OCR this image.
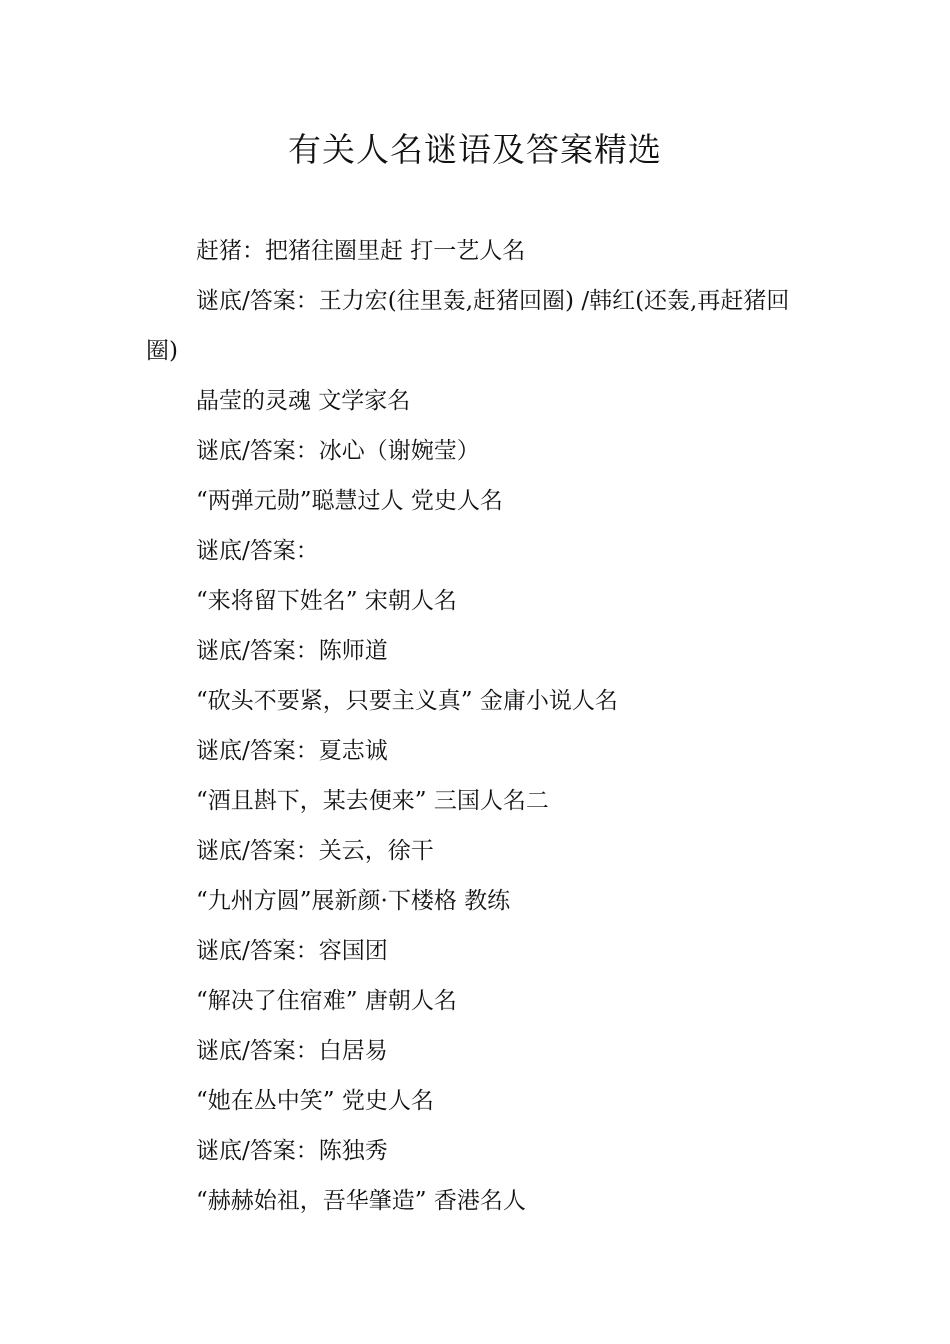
有关人名谜语及答案精选

赶猪：把猪往圈里赶 打一艺人名

谜底/答案：王力宏(往里轰,赶猪回圈) /韩红(还轰,再赶猪回圈)

晶莹的灵魂 文学家名

谜底/答案：冰心（谢婉莹）

“两弹元勋”聪慧过人 党史人名

谜底/答案：

“来将留下姓名” 宋朝人名

谜底/答案：陈师道

“砍头不要紧，只要主义真” 金庸小说人名

谜底/答案：夏志诚

“酒且斟下，某去便来” 三国人名二

谜底/答案：关云，徐干

“九州方圆”展新颜·下楼格 教练

谜底/答案：容国团

“解决了住宿难” 唐朝人名

谜底/答案：白居易

“她在丛中笑” 党史人名

谜底/答案：陈独秀

“赫赫始祖，吾华肇造” 香港名人
